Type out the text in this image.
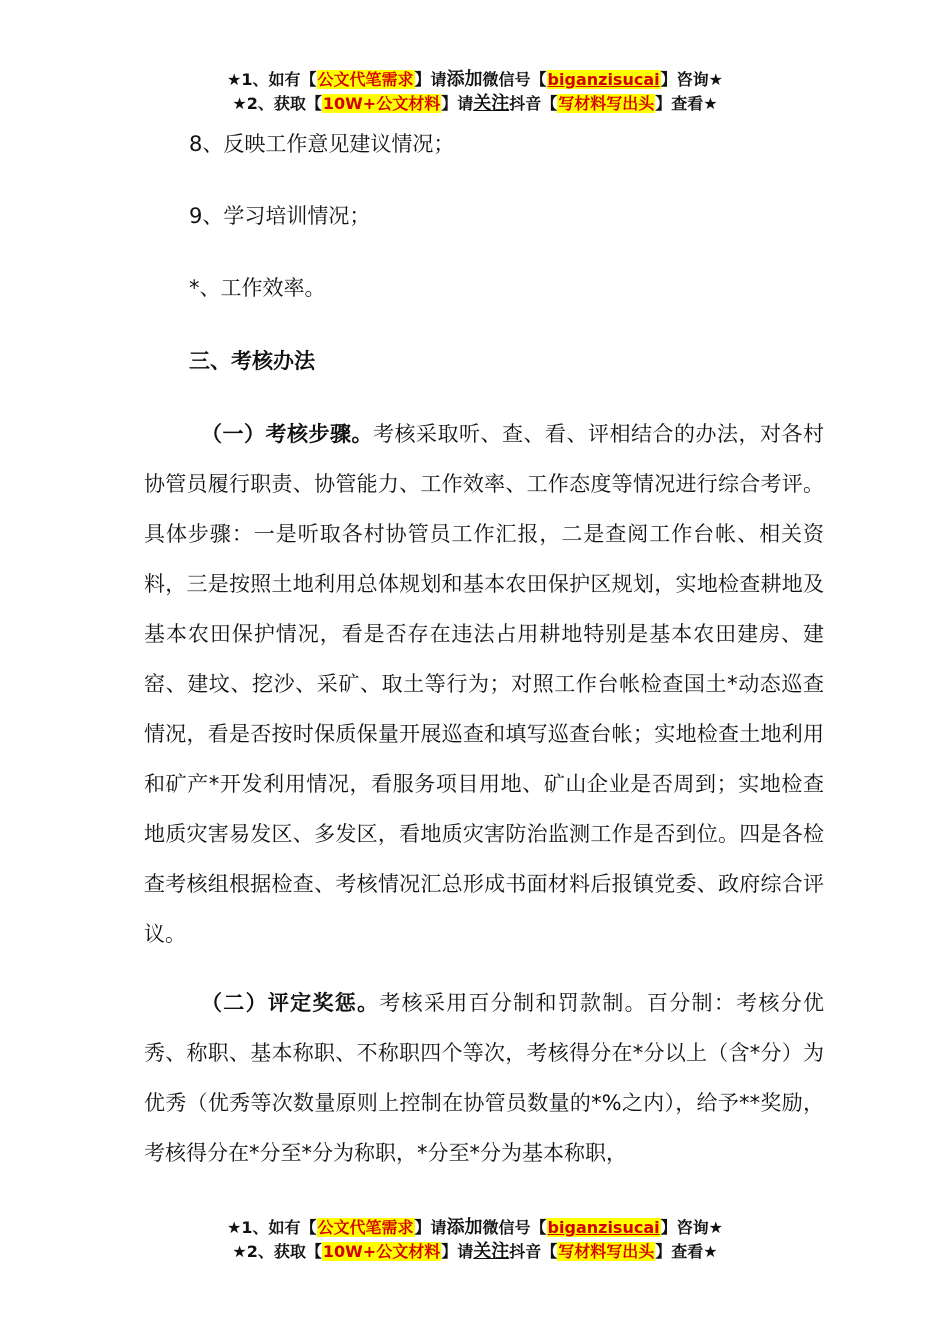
★1、如有【公文代笔需求】请添加微信号【biganzisucai】咨询★
★2、获取【10W+公文材料】请关注抖音【写材料写出头】查看★
8、反映工作意见建议情况；
9、学习培训情况；
*、工作效率。
三、考核办法

（一）考核步骤。考核采取听、查、看、评相结合的办法，对各村协管员履行职责、协管能力、工作效率、工作态度等情况进行综合考评。具体步骤：一是听取各村协管员工作汇报，二是查阅工作台帐、相关资料，三是按照土地利用总体规划和基本农田保护区规划，实地检查耕地及基本农田保护情况，看是否存在违法占用耕地特别是基本农田建房、建窑、建坟、挖沙、采矿、取土等行为；对照工作台帐检查国土*动态巡查情况，看是否按时保质保量开展巡查和填写巡查台帐；实地检查土地利用和矿产*开发利用情况，看服务项目用地、矿山企业是否周到；实地检查地质灾害易发区、多发区，看地质灾害防治监测工作是否到位。四是各检查考核组根据检查、考核情况汇总形成书面材料后报镇党委、政府综合评议。

（二）评定奖惩。考核采用百分制和罚款制。百分制：考核分优秀、称职、基本称职、不称职四个等次，考核得分在*分以上（含*分）为优秀（优秀等次数量原则上控制在协管员数量的*%之内），给予**奖励，考核得分在*分至*分为称职，*分至*分为基本称职，

★1、如有【公文代笔需求】请添加微信号【biganzisucai】咨询★
★2、获取【10W+公文材料】请关注抖音【写材料写出头】查看★
